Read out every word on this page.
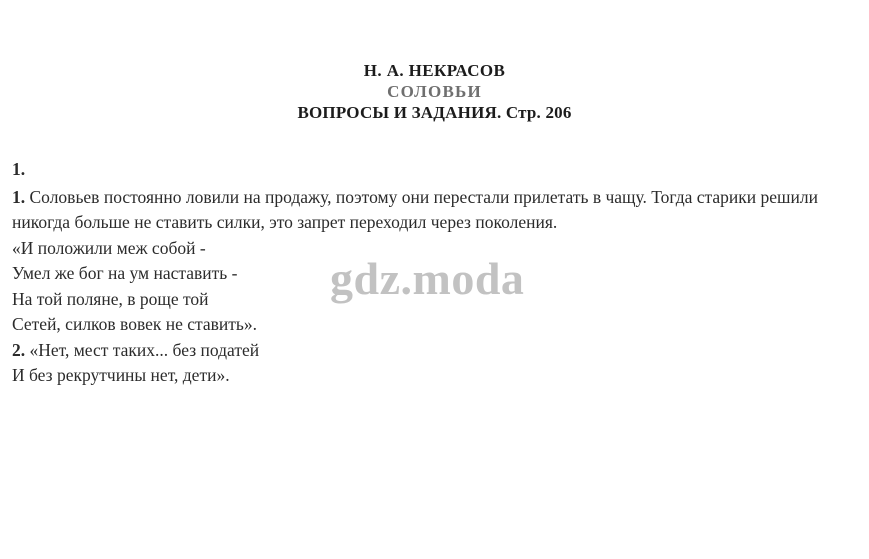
Н. А. НЕКРАСОВ
СОЛОВЬИ
ВОПРОСЫ И ЗАДАНИЯ. Стр. 206

1.

1. Соловьев постоянно ловили на продажу, поэтому они перестали прилетать в чащу. Тогда старики решили никогда больше не ставить силки, это запрет переходил через поколения.

«И положили меж собой -

Умел же бог на ум наставить -

На той поляне, в роще той

Сетей, силков вовек не ставить».

2. «Нет, мест таких... без податей

И без рекрутчины нет, дети».

gdz.moda
